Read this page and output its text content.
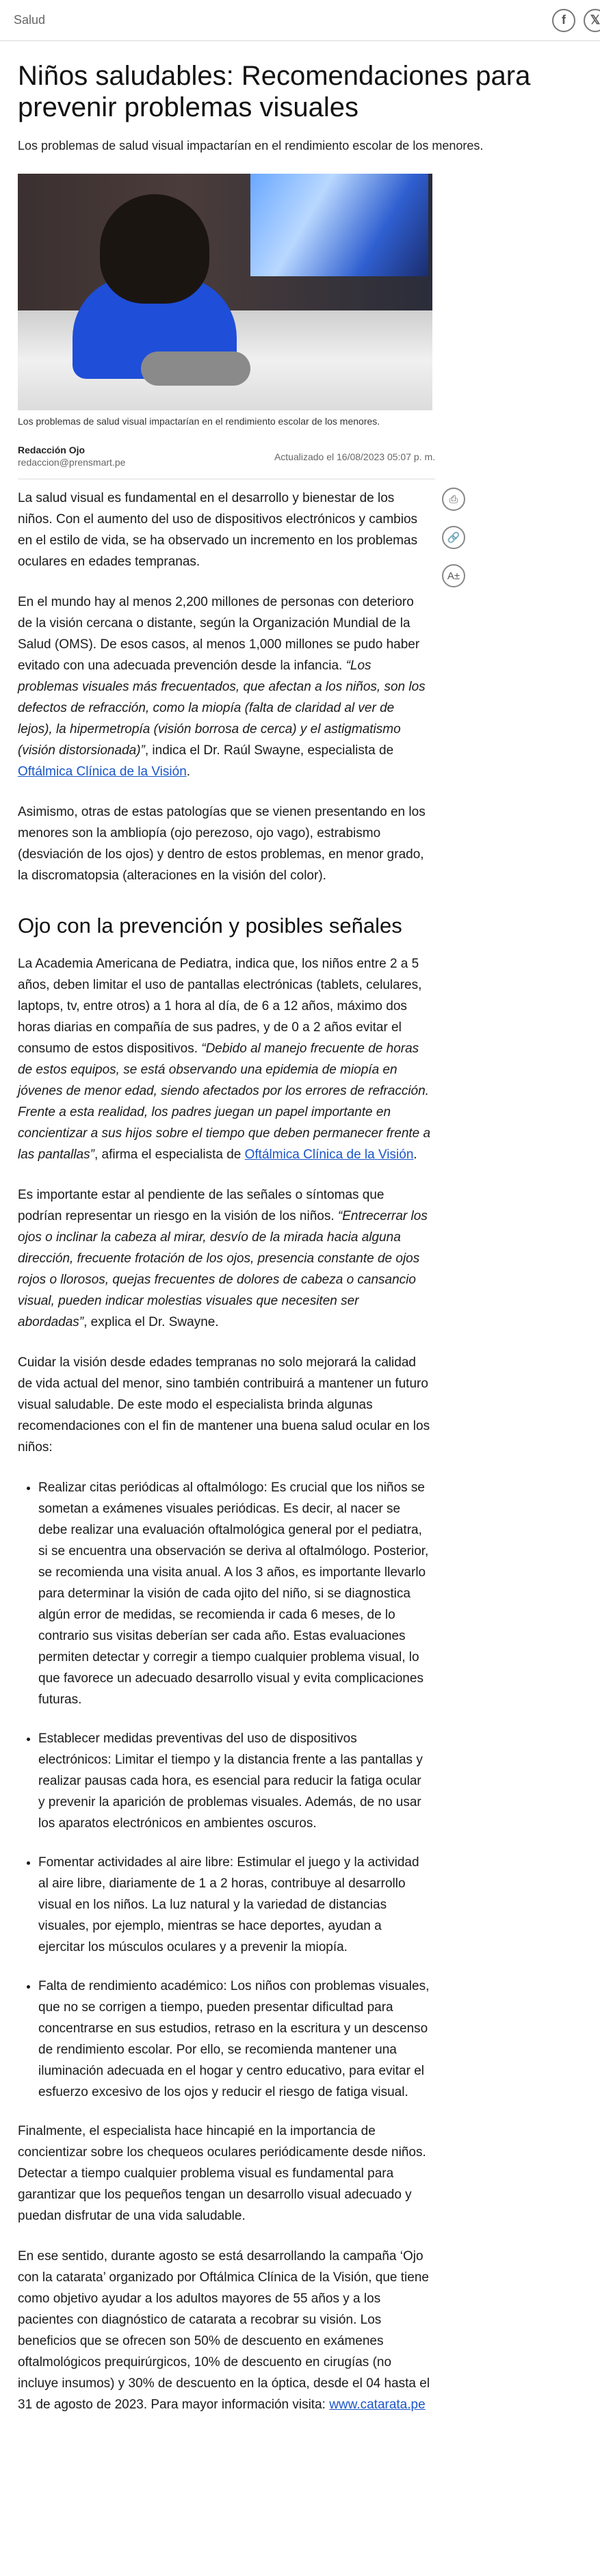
Salud	f	𝕏
Niños saludables: Recomendaciones para prevenir problemas visuales

Los problemas de salud visual impactarían en el rendimiento escolar de los menores.

Los problemas de salud visual impactarían en el rendimiento escolar de los menores.
Redacción Ojo
redaccion@prensmart.pe	Actualizado el 16/08/2023 05:07 p. m.
⎙
🔗
A±

La salud visual es fundamental en el desarrollo y bienestar de los niños. Con el aumento del uso de dispositivos electrónicos y cambios en el estilo de vida, se ha observado un incremento en los problemas oculares en edades tempranas.

En el mundo hay al menos 2,200 millones de personas con deterioro de la visión cercana o distante, según la Organización Mundial de la Salud (OMS). De esos casos, al menos 1,000 millones se pudo haber evitado con una adecuada prevención desde la infancia. “Los problemas visuales más frecuentados, que afectan a los niños, son los defectos de refracción, como la miopía (falta de claridad al ver de lejos), la hipermetropía (visión borrosa de cerca) y el astigmatismo (visión distorsionada)”, indica el Dr. Raúl Swayne, especialista de Oftálmica Clínica de la Visión.

Asimismo, otras de estas patologías que se vienen presentando en los menores son la ambliopía (ojo perezoso, ojo vago), estrabismo (desviación de los ojos) y dentro de estos problemas, en menor grado, la discromatopsia (alteraciones en la visión del color).

Ojo con la prevención y posibles señales

La Academia Americana de Pediatra, indica que, los niños entre 2 a 5 años, deben limitar el uso de pantallas electrónicas (tablets, celulares, laptops, tv, entre otros) a 1 hora al día, de 6 a 12 años, máximo dos horas diarias en compañía de sus padres, y de 0 a 2 años evitar el consumo de estos dispositivos. “Debido al manejo frecuente de horas de estos equipos, se está observando una epidemia de miopía en jóvenes de menor edad, siendo afectados por los errores de refracción. Frente a esta realidad, los padres juegan un papel importante en concientizar a sus hijos sobre el tiempo que deben permanecer frente a las pantallas”, afirma el especialista de Oftálmica Clínica de la Visión.

Es importante estar al pendiente de las señales o síntomas que podrían representar un riesgo en la visión de los niños. “Entrecerrar los ojos o inclinar la cabeza al mirar, desvío de la mirada hacia alguna dirección, frecuente frotación de los ojos, presencia constante de ojos rojos o llorosos, quejas frecuentes de dolores de cabeza o cansancio visual, pueden indicar molestias visuales que necesiten ser abordadas”, explica el Dr. Swayne.

Cuidar la visión desde edades tempranas no solo mejorará la calidad de vida actual del menor, sino también contribuirá a mantener un futuro visual saludable. De este modo el especialista brinda algunas recomendaciones con el fin de mantener una buena salud ocular en los niños:

• Realizar citas periódicas al oftalmólogo: Es crucial que los niños se sometan a exámenes visuales periódicas. Es decir, al nacer se debe realizar una evaluación oftalmológica general por el pediatra, si se encuentra una observación se deriva al oftalmólogo. Posterior, se recomienda una visita anual. A los 3 años, es importante llevarlo para determinar la visión de cada ojito del niño, si se diagnostica algún error de medidas, se recomienda ir cada 6 meses, de lo contrario sus visitas deberían ser cada año. Estas evaluaciones permiten detectar y corregir a tiempo cualquier problema visual, lo que favorece un adecuado desarrollo visual y evita complicaciones futuras.
• Establecer medidas preventivas del uso de dispositivos electrónicos: Limitar el tiempo y la distancia frente a las pantallas y realizar pausas cada hora, es esencial para reducir la fatiga ocular y prevenir la aparición de problemas visuales. Además, de no usar los aparatos electrónicos en ambientes oscuros.
• Fomentar actividades al aire libre: Estimular el juego y la actividad al aire libre, diariamente de 1 a 2 horas, contribuye al desarrollo visual en los niños. La luz natural y la variedad de distancias visuales, por ejemplo, mientras se hace deportes, ayudan a ejercitar los músculos oculares y a prevenir la miopía.
• Falta de rendimiento académico: Los niños con problemas visuales, que no se corrigen a tiempo, pueden presentar dificultad para concentrarse en sus estudios, retraso en la escritura y un descenso de rendimiento escolar. Por ello, se recomienda mantener una iluminación adecuada en el hogar y centro educativo, para evitar el esfuerzo excesivo de los ojos y reducir el riesgo de fatiga visual.

Finalmente, el especialista hace hincapié en la importancia de concientizar sobre los chequeos oculares periódicamente desde niños. Detectar a tiempo cualquier problema visual es fundamental para garantizar que los pequeños tengan un desarrollo visual adecuado y puedan disfrutar de una vida saludable.

En ese sentido, durante agosto se está desarrollando la campaña ‘Ojo con la catarata’ organizado por Oftálmica Clínica de la Visión, que tiene como objetivo ayudar a los adultos mayores de 55 años y a los pacientes con diagnóstico de catarata a recobrar su visión. Los beneficios que se ofrecen son 50% de descuento en exámenes oftalmológicos prequirúrgicos, 10% de descuento en cirugías (no incluye insumos) y 30% de descuento en la óptica, desde el 04 hasta el 31 de agosto de 2023. Para mayor información visita: www.catarata.pe
